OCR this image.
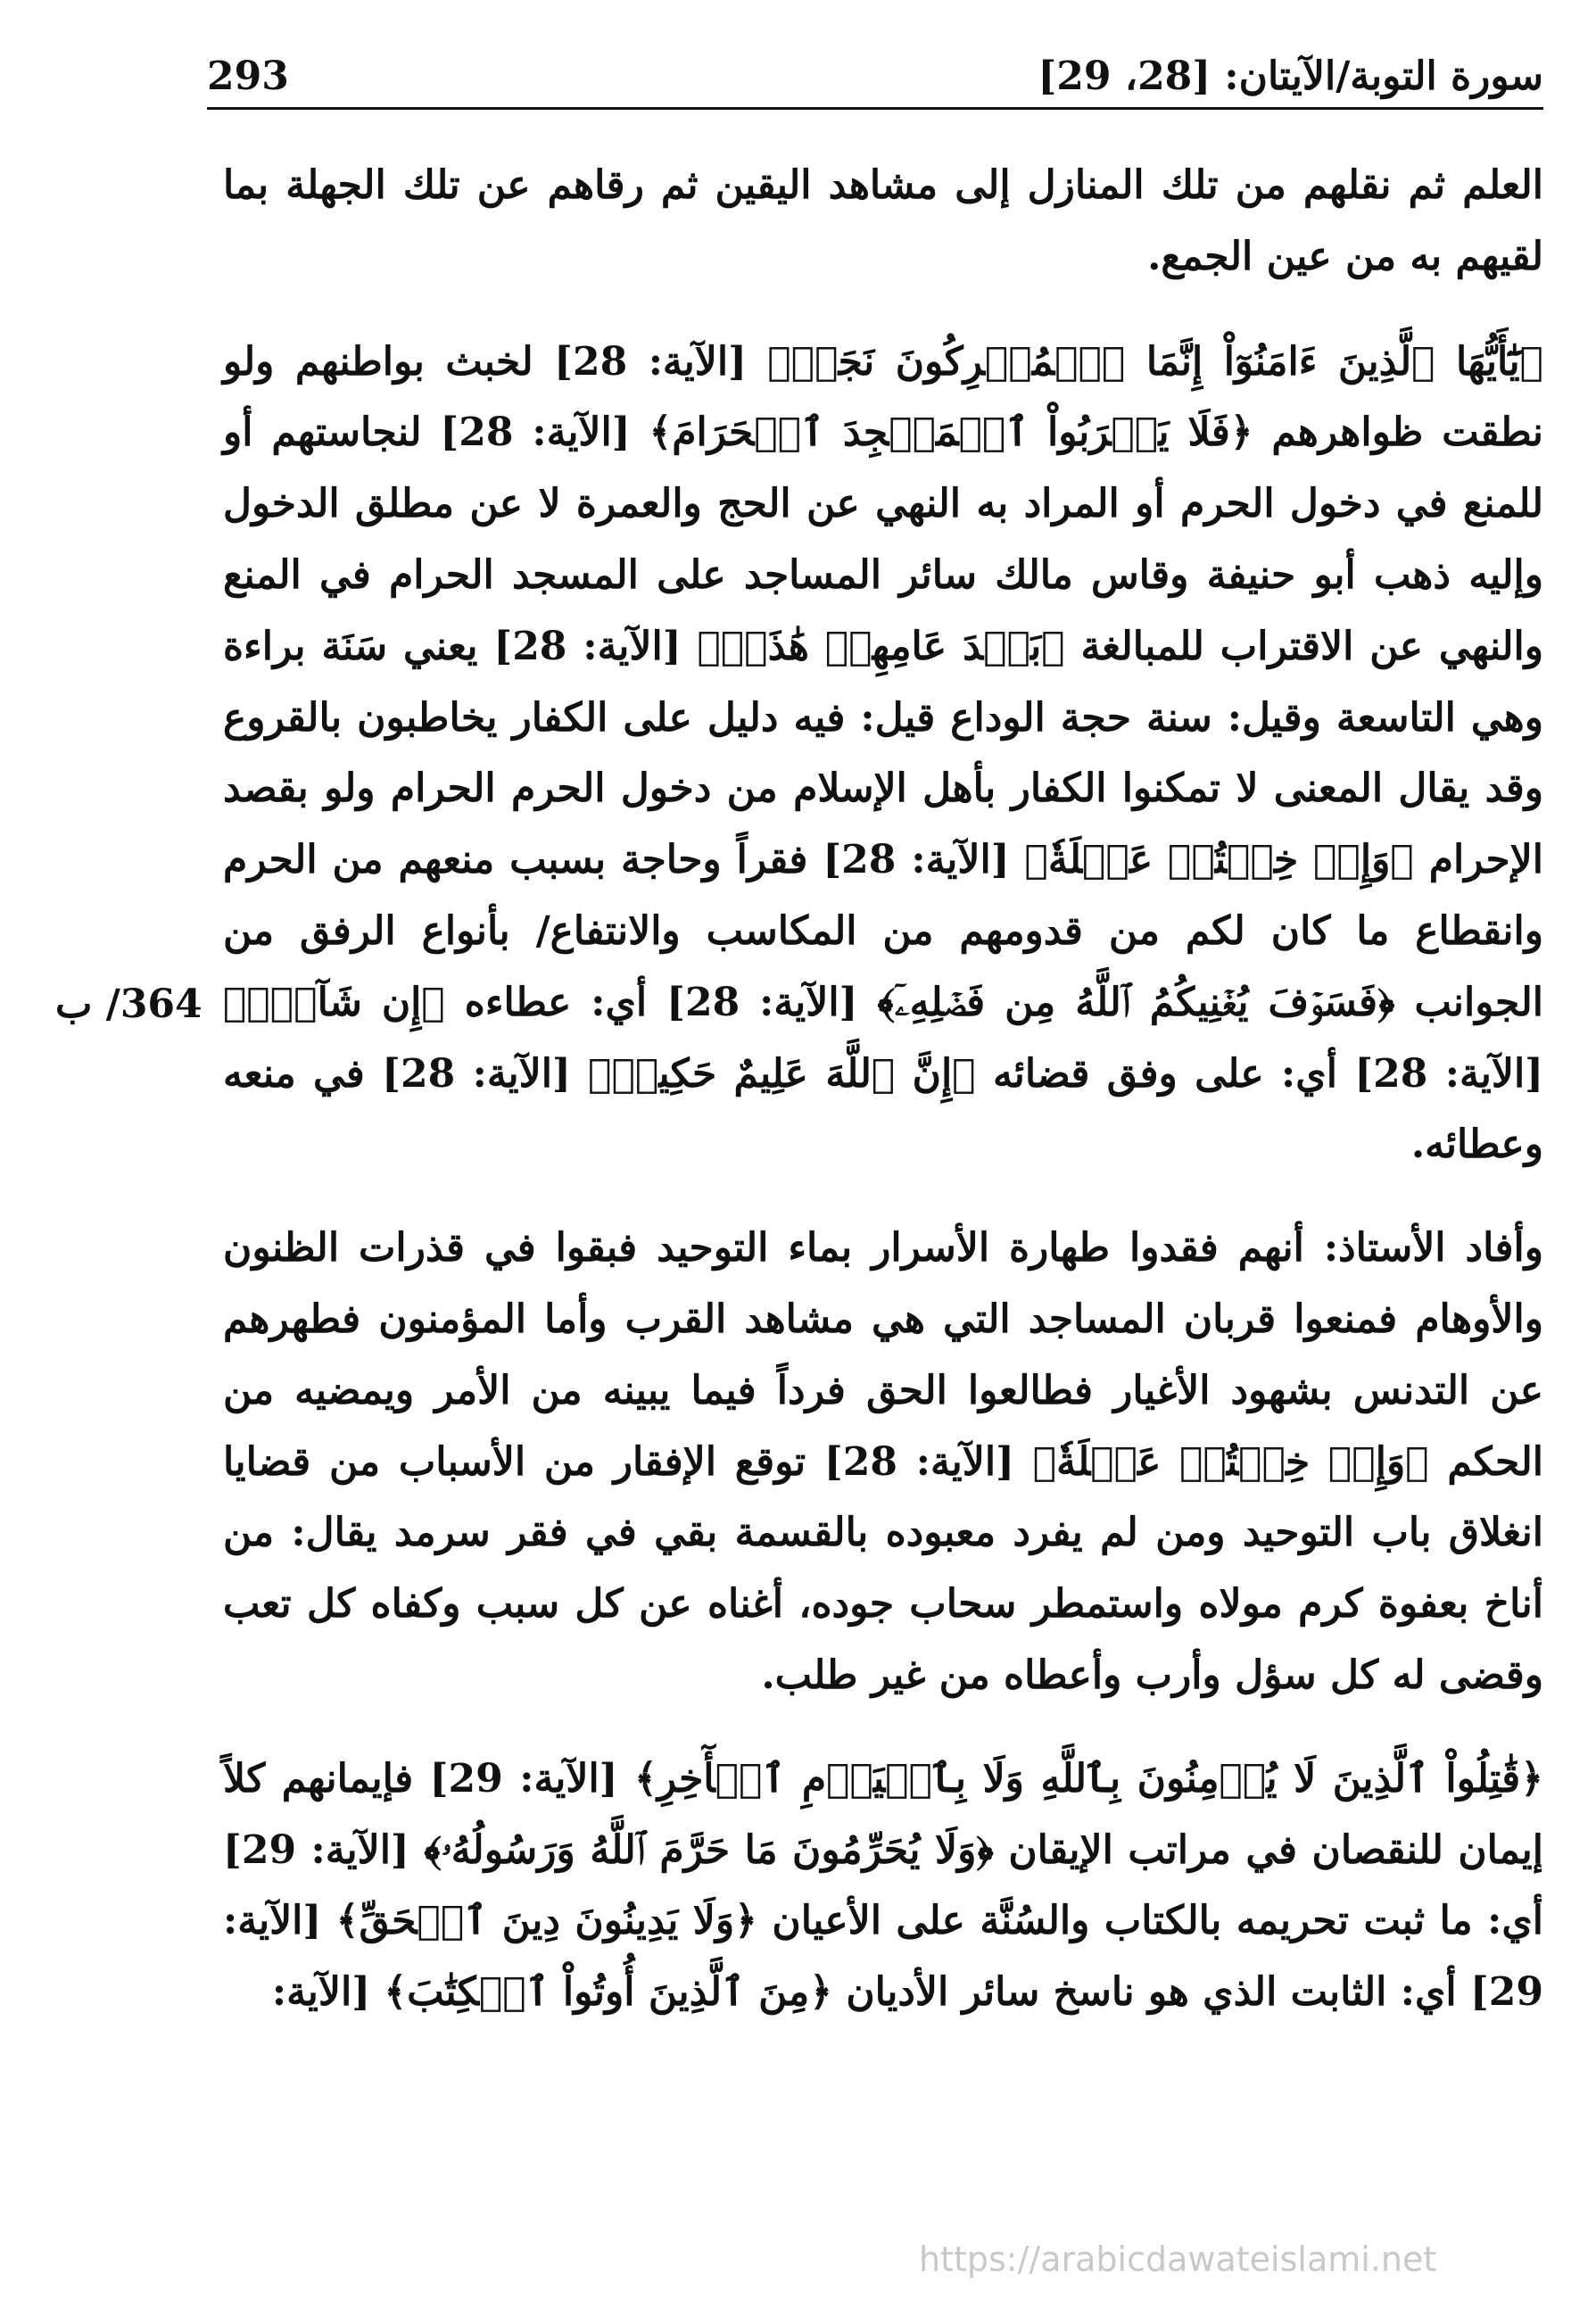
293	سورة التوبة/الآيتان: [28، 29]
364/ ب

العلم ثم نقلهم من تلك المنازل إلى مشاهد اليقين ثم رقاهم عن تلك الجهلة بما لقيهم به من عين الجمع.

﴿يَٰٓأَيُّهَا ٱلَّذِينَ ءَامَنُوٓاْ إِنَّمَا ٱلۡمُشۡرِكُونَ نَجَسٞ﴾ [الآية: 28] لخبث بواطنهم ولو نطقت ظواهرهم ﴿فَلَا يَقۡرَبُواْ ٱلۡمَسۡجِدَ ٱلۡحَرَامَ﴾ [الآية: 28] لنجاستهم أو للمنع في دخول الحرم أو المراد به النهي عن الحج والعمرة لا عن مطلق الدخول وإليه ذهب أبو حنيفة وقاس مالك سائر المساجد على المسجد الحرام في المنع والنهي عن الاقتراب للمبالغة ﴿بَعۡدَ عَامِهِمۡ هَٰذَاۚ﴾ [الآية: 28] يعني سَنَة براءة وهي التاسعة وقيل: سنة حجة الوداع قيل: فيه دليل على الكفار يخاطبون بالقروع وقد يقال المعنى لا تمكنوا الكفار بأهل الإسلام من دخول الحرم الحرام ولو بقصد الإحرام ﴿وَإِنۡ خِفۡتُمۡ عَيۡلَةٗ﴾ [الآية: 28] فقراً وحاجة بسبب منعهم من الحرم وانقطاع ما كان لكم من قدومهم من المكاسب والانتفاع/ بأنواع الرفق من الجوانب ﴿فَسَوۡفَ يُغۡنِيكُمُ ٱللَّهُ مِن فَضۡلِهِۦٓ﴾ [الآية: 28] أي: عطاءه ﴿إِن شَآءَۚ﴾ [الآية: 28] أي: على وفق قضائه ﴿إِنَّ ٱللَّهَ عَلِيمٌ حَكِيمٞ﴾ [الآية: 28] في منعه وعطائه.

وأفاد الأستاذ: أنهم فقدوا طهارة الأسرار بماء التوحيد فبقوا في قذرات الظنون والأوهام فمنعوا قربان المساجد التي هي مشاهد القرب وأما المؤمنون فطهرهم عن التدنس بشهود الأغيار فطالعوا الحق فرداً فيما يبينه من الأمر ويمضيه من الحكم ﴿وَإِنۡ خِفۡتُمۡ عَيۡلَةٗ﴾ [الآية: 28] توقع الإفقار من الأسباب من قضايا انغلاق باب التوحيد ومن لم يفرد معبوده بالقسمة بقي في فقر سرمد يقال: من أناخ بعفوة كرم مولاه واستمطر سحاب جوده، أغناه عن كل سبب وكفاه كل تعب وقضى له كل سؤل وأرب وأعطاه من غير طلب.

﴿قَٰتِلُواْ ٱلَّذِينَ لَا يُؤۡمِنُونَ بِٱللَّهِ وَلَا بِٱلۡيَوۡمِ ٱلۡأٓخِرِ﴾ [الآية: 29] فإيمانهم كلاً إيمان للنقصان في مراتب الإيقان ﴿وَلَا يُحَرِّمُونَ مَا حَرَّمَ ٱللَّهُ وَرَسُولُهُۥ﴾ [الآية: 29] أي: ما ثبت تحريمه بالكتاب والسُنَّة على الأعيان ﴿وَلَا يَدِينُونَ دِينَ ٱلۡحَقِّ﴾ [الآية: 29] أي: الثابت الذي هو ناسخ سائر الأديان ﴿مِنَ ٱلَّذِينَ أُوتُواْ ٱلۡكِتَٰبَ﴾ [الآية:

https://arabicdawateislami.net
